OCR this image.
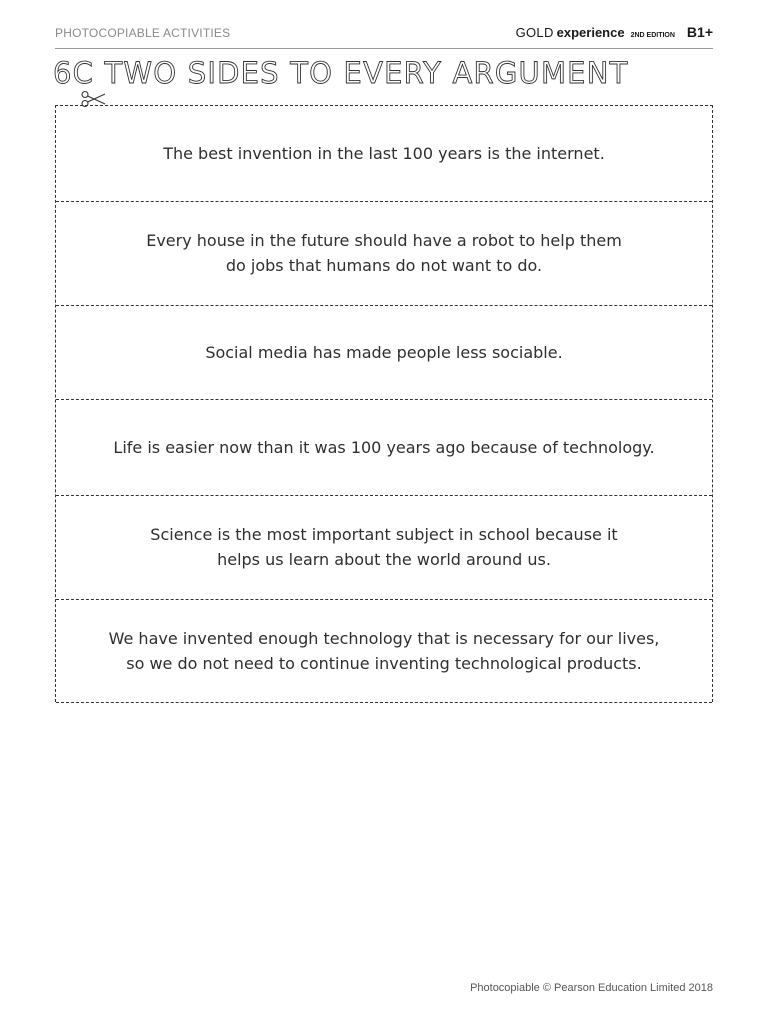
PHOTOCOPIABLE ACTIVITIES	GOLD experience 2ND EDITION B1+
6C TWO SIDES TO EVERY ARGUMENT
The best invention in the last 100 years is the internet.
Every house in the future should have a robot to help them
do jobs that humans do not want to do.
Social media has made people less sociable.
Life is easier now than it was 100 years ago because of technology.
Science is the most important subject in school because it
helps us learn about the world around us.
We have invented enough technology that is necessary for our lives,
so we do not need to continue inventing technological products.
Photocopiable © Pearson Education Limited 2018
